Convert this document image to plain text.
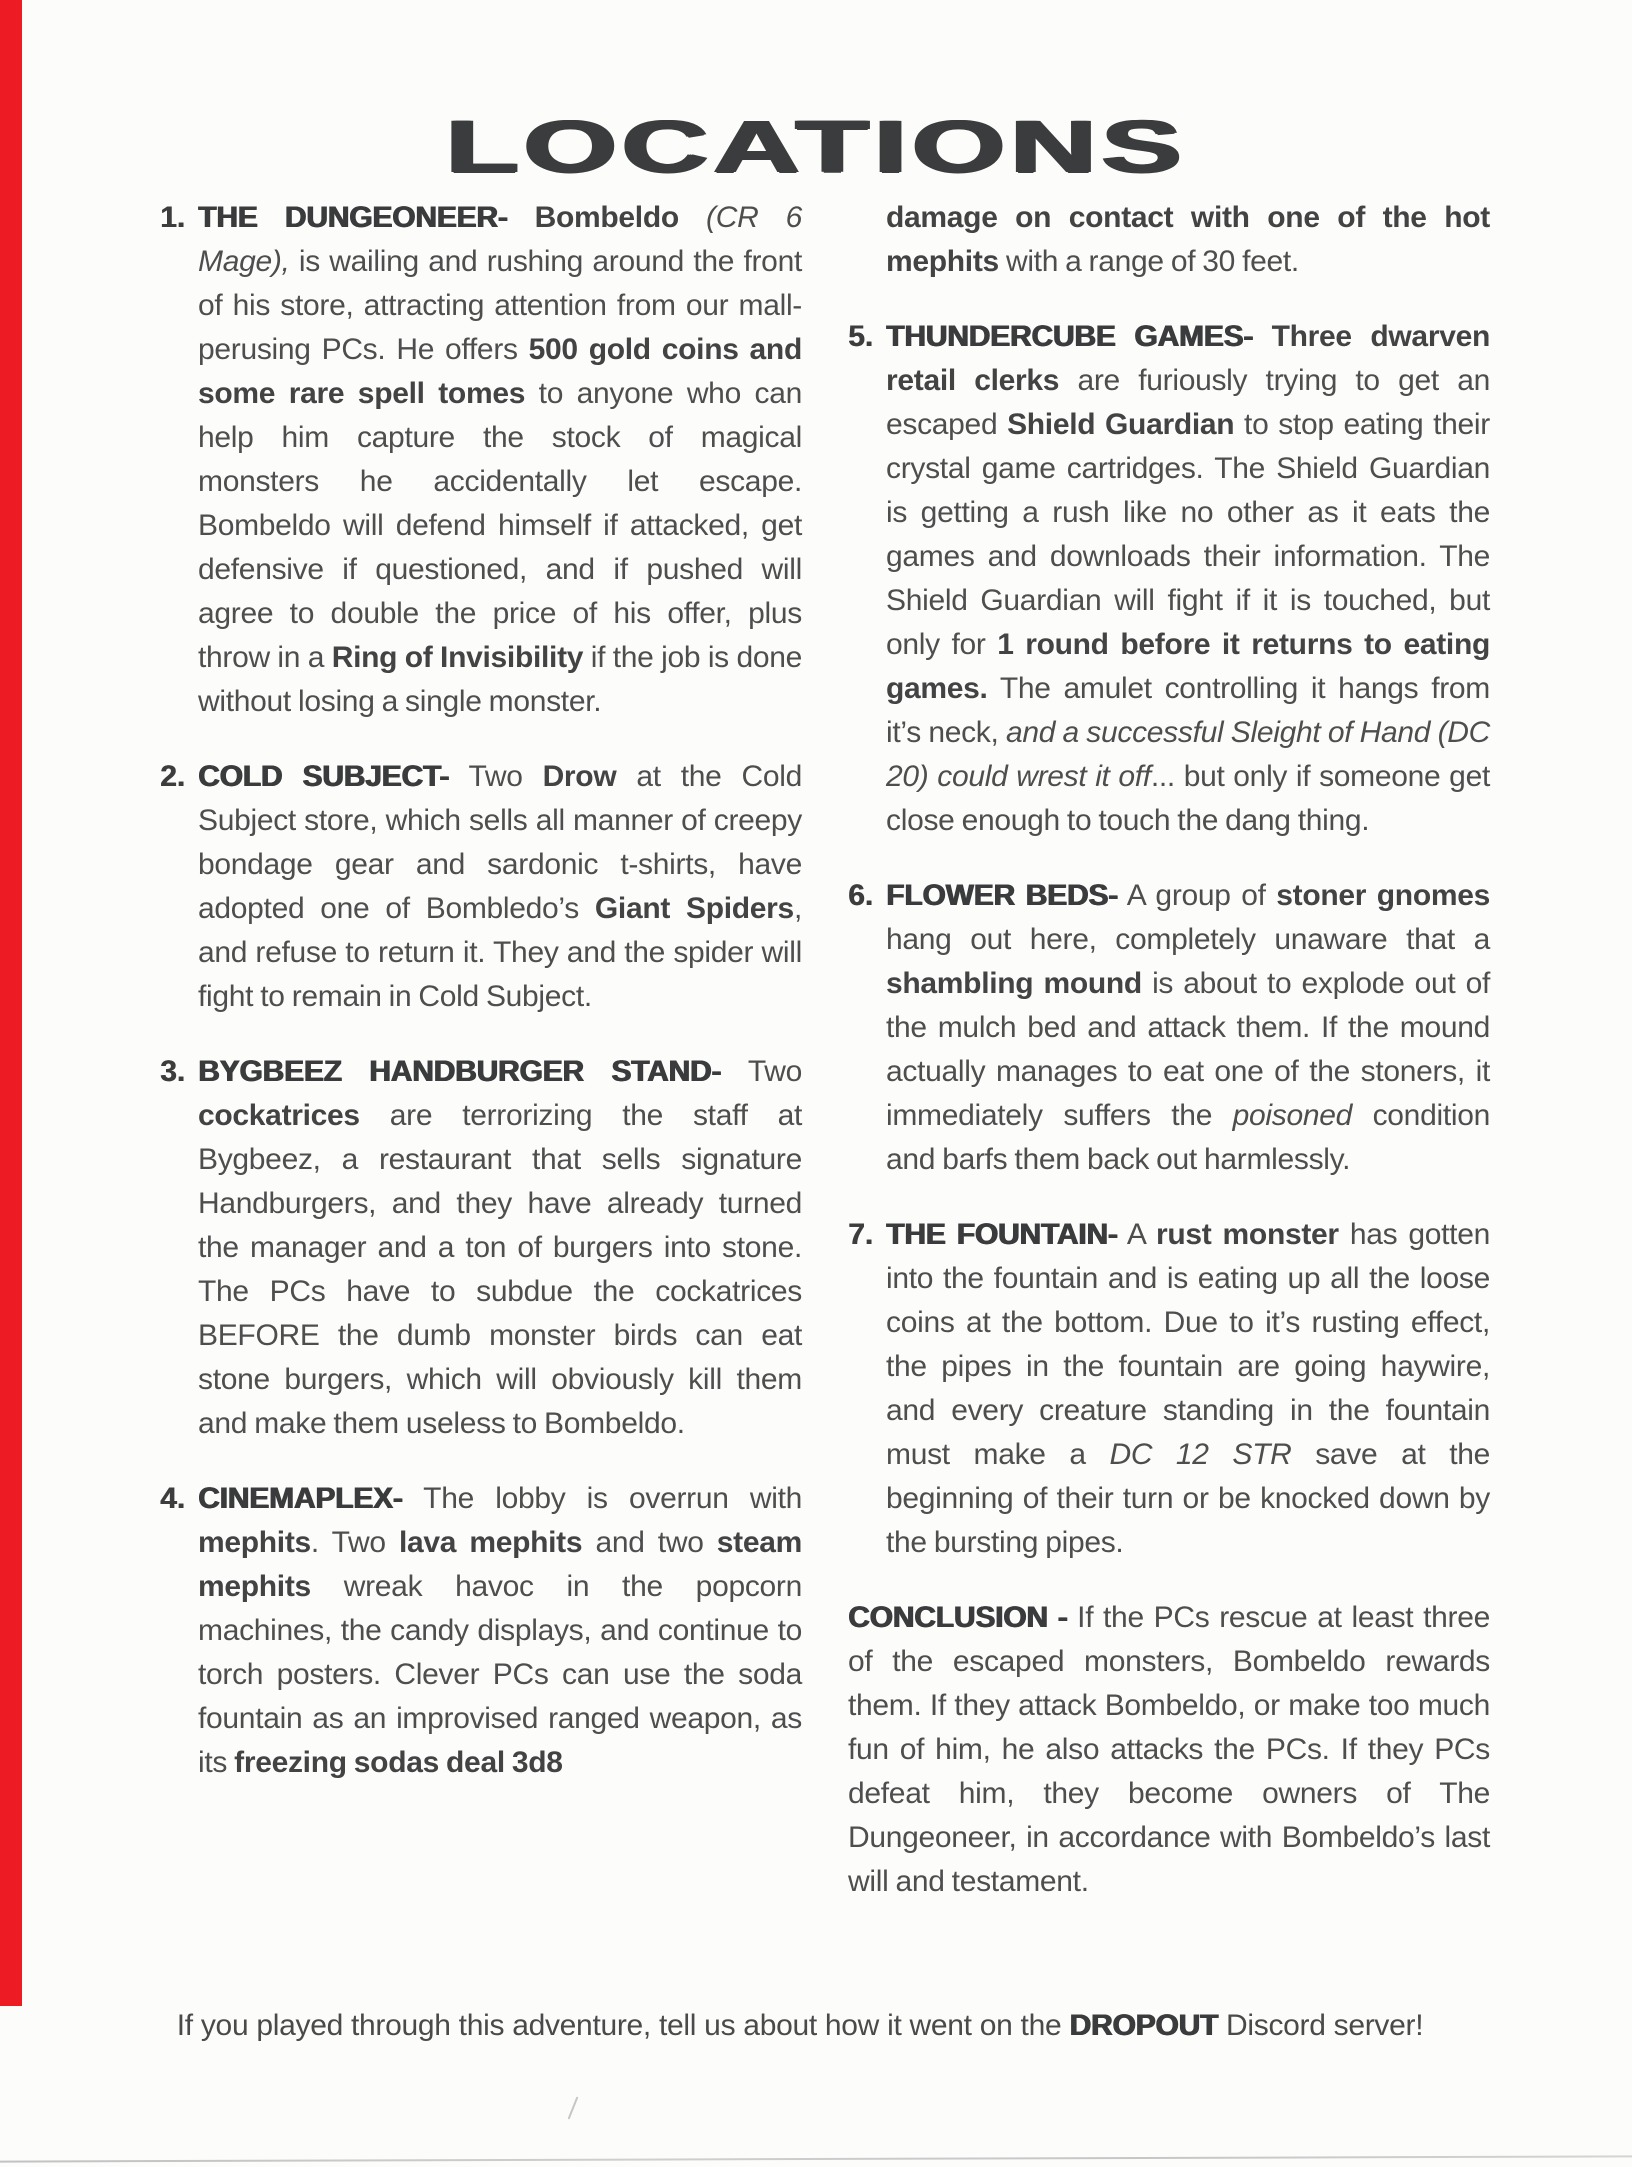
LOCATIONS
1. THE DUNGEONEER- Bombeldo (CR 6 Mage), is wailing and rushing around the front of his store, attracting attention from our mall-perusing PCs. He offers 500 gold coins and some rare spell tomes to anyone who can help him capture the stock of magical monsters he accidentally let escape. Bombeldo will defend himself if attacked, get defensive if questioned, and if pushed will agree to double the price of his offer, plus throw in a Ring of Invisibility if the job is done without losing a single monster.
2. COLD SUBJECT- Two Drow at the Cold Subject store, which sells all manner of creepy bondage gear and sardonic t-shirts, have adopted one of Bombledo’s Giant Spiders, and refuse to return it. They and the spider will fight to remain in Cold Subject.
3. BYGBEEZ HANDBURGER STAND- Two cockatrices are terrorizing the staff at Bygbeez, a restaurant that sells signature Handburgers, and they have already turned the manager and a ton of burgers into stone. The PCs have to subdue the cockatrices BEFORE the dumb monster birds can eat stone burgers, which will obviously kill them and make them useless to Bombeldo.
4. CINEMAPLEX- The lobby is overrun with mephits. Two lava mephits and two steam mephits wreak havoc in the popcorn machines, the candy displays, and continue to torch posters. Clever PCs can use the soda fountain as an improvised ranged weapon, as its freezing sodas deal 3d8
damage on contact with one of the hot mephits with a range of 30 feet.
5. THUNDERCUBE GAMES- Three dwarven retail clerks are furiously trying to get an escaped Shield Guardian to stop eating their crystal game cartridges. The Shield Guardian is getting a rush like no other as it eats the games and downloads their information. The Shield Guardian will fight if it is touched, but only for 1 round before it returns to eating games. The amulet controlling it hangs from it’s neck, and a successful Sleight of Hand (DC 20) could wrest it off... but only if someone get close enough to touch the dang thing.
6. FLOWER BEDS- A group of stoner gnomes hang out here, completely unaware that a shambling mound is about to explode out of the mulch bed and attack them. If the mound actually manages to eat one of the stoners, it immediately suffers the poisoned condition and barfs them back out harmlessly.
7. THE FOUNTAIN- A rust monster has gotten into the fountain and is eating up all the loose coins at the bottom. Due to it’s rusting effect, the pipes in the fountain are going haywire, and every creature standing in the fountain must make a DC 12 STR save at the beginning of their turn or be knocked down by the bursting pipes.
CONCLUSION - If the PCs rescue at least three of the escaped monsters, Bombeldo rewards them. If they attack Bombeldo, or make too much fun of him, he also attacks the PCs. If they PCs defeat him, they become owners of The Dungeoneer, in accordance with Bombeldo’s last will and testament.
If you played through this adventure, tell us about how it went on the DROPOUT Discord server!
